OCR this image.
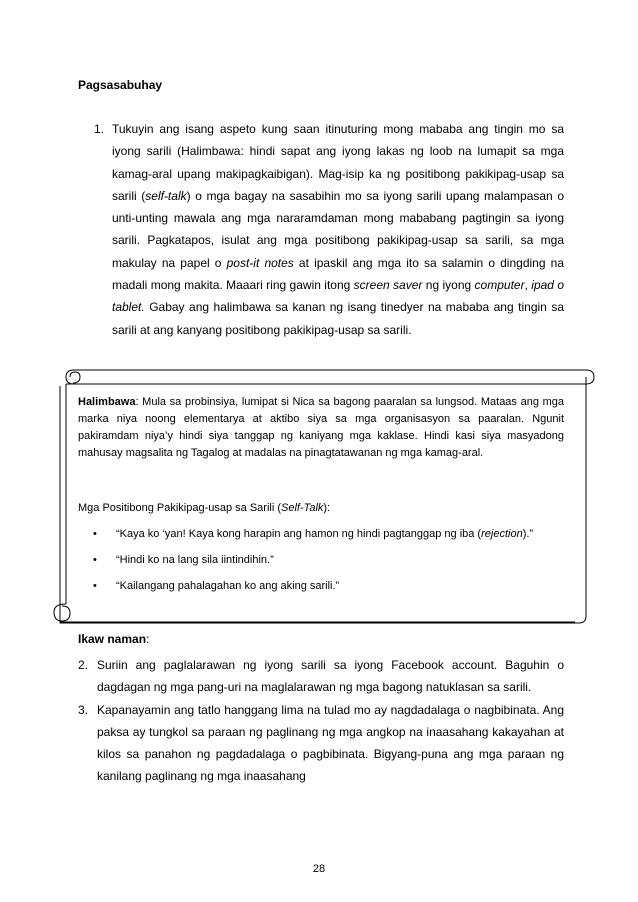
Pagsasabuhay
1. Tukuyin ang isang aspeto kung saan itinuturing mong mababa ang tingin mo sa iyong sarili (Halimbawa: hindi sapat ang iyong lakas ng loob na lumapit sa mga kamag-aral upang makipagkaibigan). Mag-isip ka ng positibong pakikipag-usap sa sarili (self-talk) o mga bagay na sasabihin mo sa iyong sarili upang malampasan o unti-unting mawala ang mga nararamdaman mong mababang pagtingin sa iyong sarili. Pagkatapos, isulat ang mga positibong pakikipag-usap sa sarili, sa mga makulay na papel o post-it notes at ipaskil ang mga ito sa salamin o dingding na madali mong makita. Maaari ring gawin itong screen saver ng iyong computer, ipad o tablet. Gabay ang halimbawa sa kanan ng isang tinedyer na mababa ang tingin sa sarili at ang kanyang positibong pakikipag-usap sa sarili.

Halimbawa: Mula sa probinsiya, lumipat si Nica sa bagong paaralan sa lungsod. Mataas ang mga marka niya noong elementarya at aktibo siya sa mga organisasyon sa paaralan. Ngunit pakiramdam niya’y hindi siya tanggap ng kaniyang mga kaklase. Hindi kasi siya masyadong mahusay magsalita ng Tagalog at madalas na pinagtatawanan ng mga kamag-aral.

Mga Positibong Pakikipag-usap sa Sarili (Self-Talk):
• “Kaya ko ‘yan! Kaya kong harapin ang hamon ng hindi pagtanggap ng iba (rejection).”
• “Hindi ko na lang sila iintindihin.”
• “Kailangang pahalagahan ko ang aking sarili.”
Ikaw naman:
2. Suriin ang paglalarawan ng iyong sarili sa iyong Facebook account. Baguhin o dagdagan ng mga pang-uri na maglalarawan ng mga bagong natuklasan sa sarili.
3. Kapanayamin ang tatlo hanggang lima na tulad mo ay nagdadalaga o nagbibinata. Ang paksa ay tungkol sa paraan ng paglinang ng mga angkop na inaasahang kakayahan at kilos sa panahon ng pagdadalaga o pagbibinata. Bigyang-puna ang mga paraan ng kanilang paglinang ng mga inaasahang
28
